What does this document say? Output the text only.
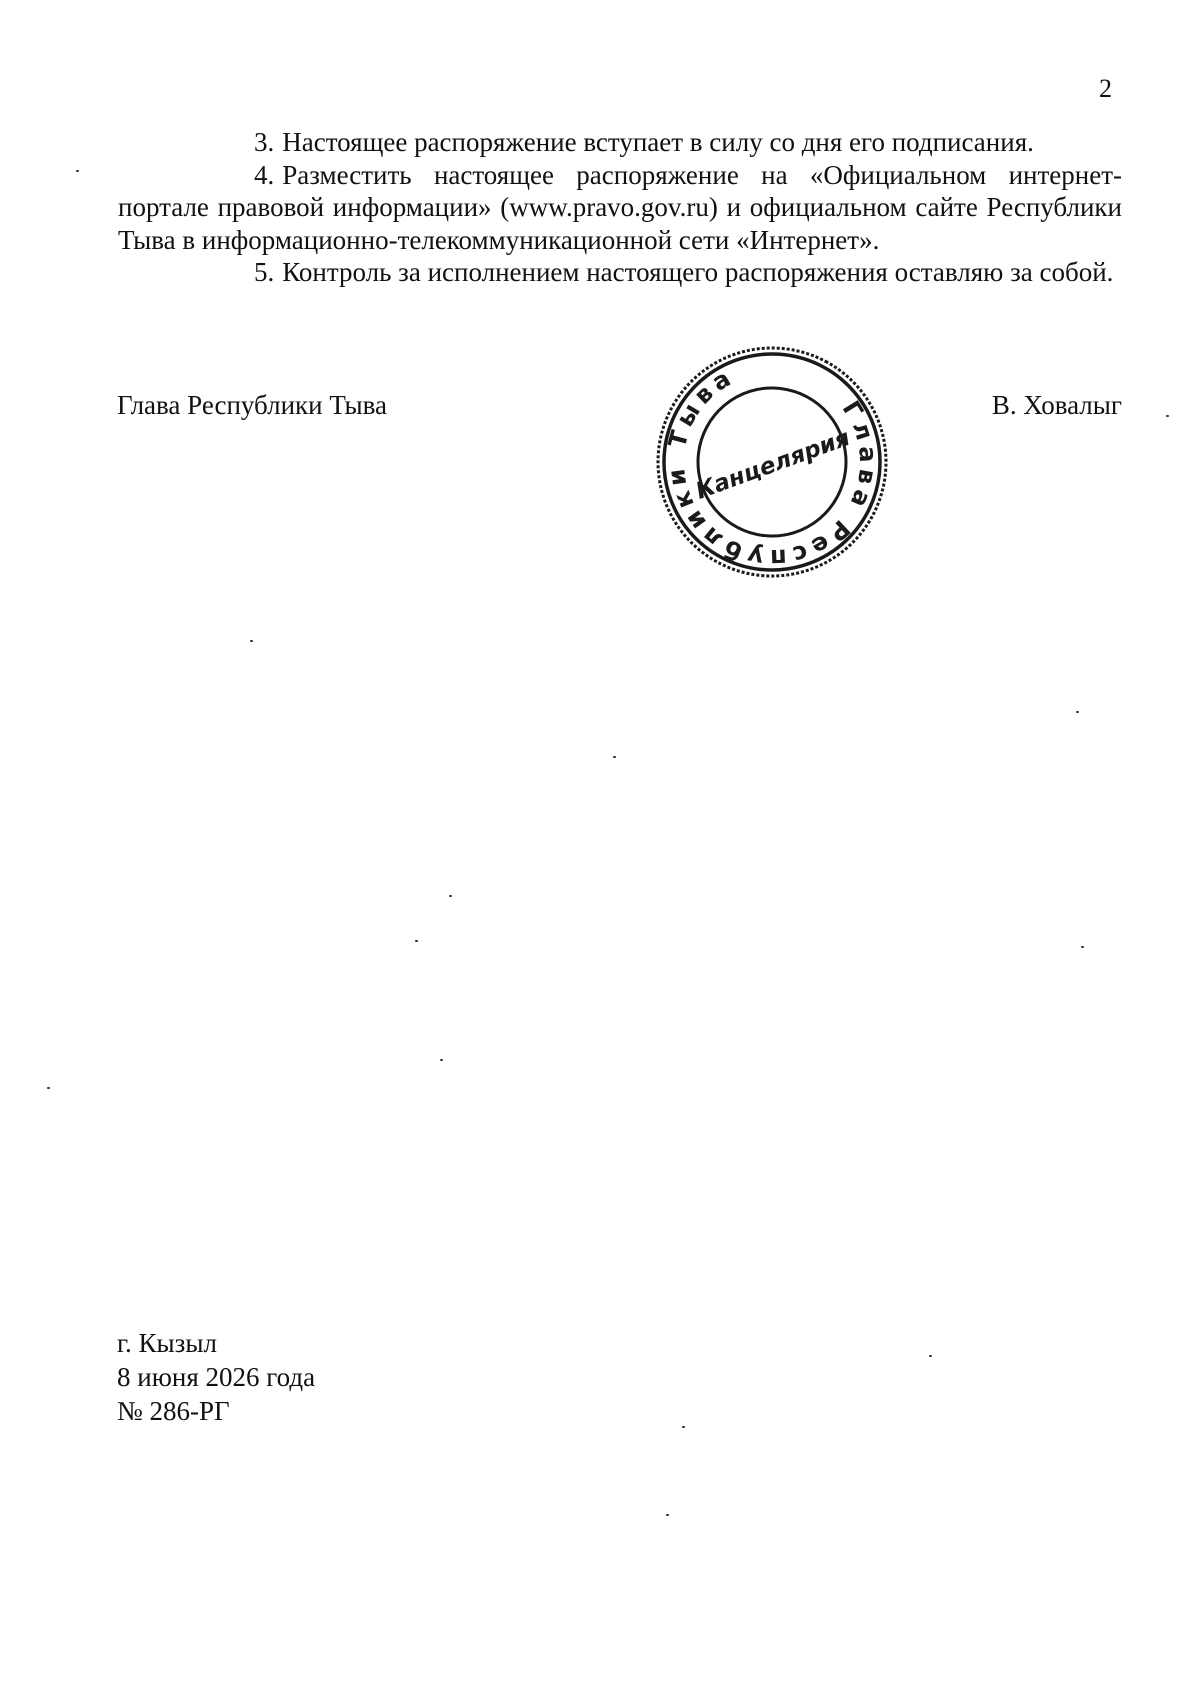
2

3. Настоящее распоряжение вступает в силу со дня его подписания.

4. Разместить настоящее распоряжение на «Официальном интернет-портале правовой информации» (www.pravo.gov.ru) и официальном сайте Республики Тыва в информационно-телекоммуникационной сети «Интернет».

5. Контроль за исполнением настоящего распоряжения оставляю за собой.

Глава Республики Тыва	Глава Республики Тыва
Канцелярия
В. Ховалыг
г. Кызыл
8 июня 2026 года
№ 286-РГ
